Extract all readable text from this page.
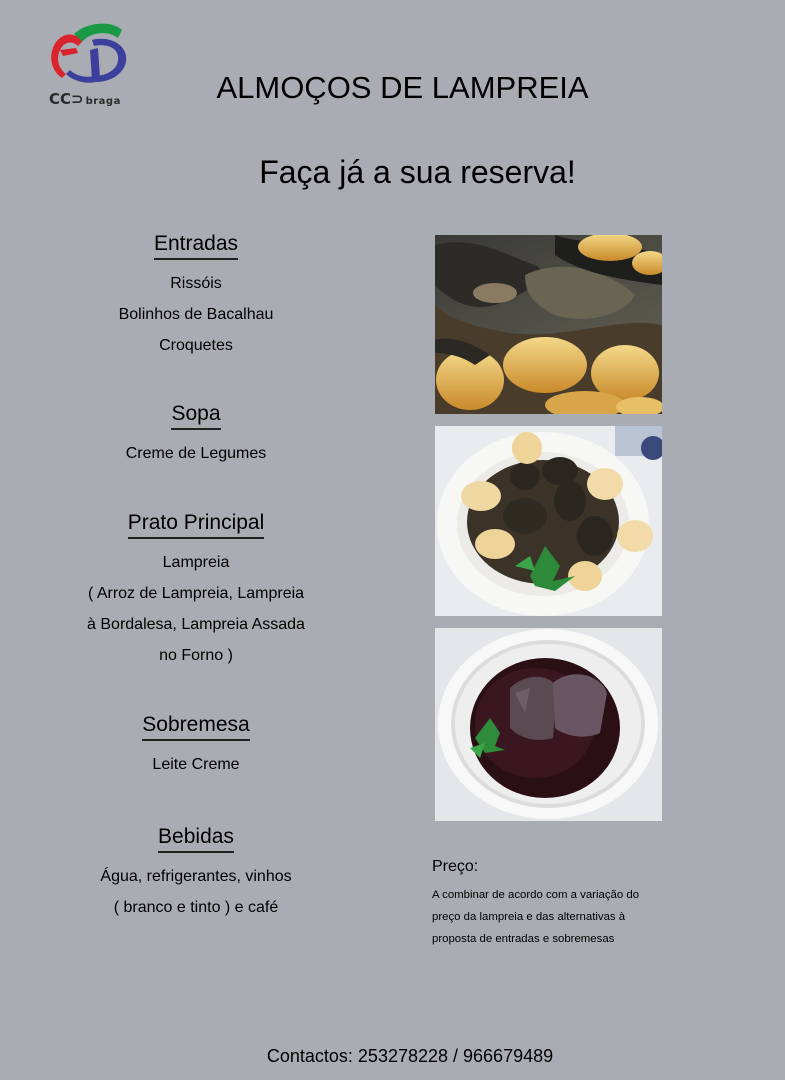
CC⊃ braga	ALMOÇOS DE LAMPREIA
Faça já a sua reserva!
Entradas
Rissóis
Bolinhos de Bacalhau
Croquetes
Sopa
Creme de Legumes
Prato Principal
Lampreia
( Arroz de Lampreia, Lampreia
à Bordalesa, Lampreia Assada
no Forno )
Sobremesa
Leite Creme
Bebidas
Água, refrigerantes, vinhos
( branco e tinto ) e café
Preço:
A combinar de acordo com a variação do
preço da lampreia e das alternativas à
proposta de entradas e sobremesas
Contactos: 253278228 / 966679489
